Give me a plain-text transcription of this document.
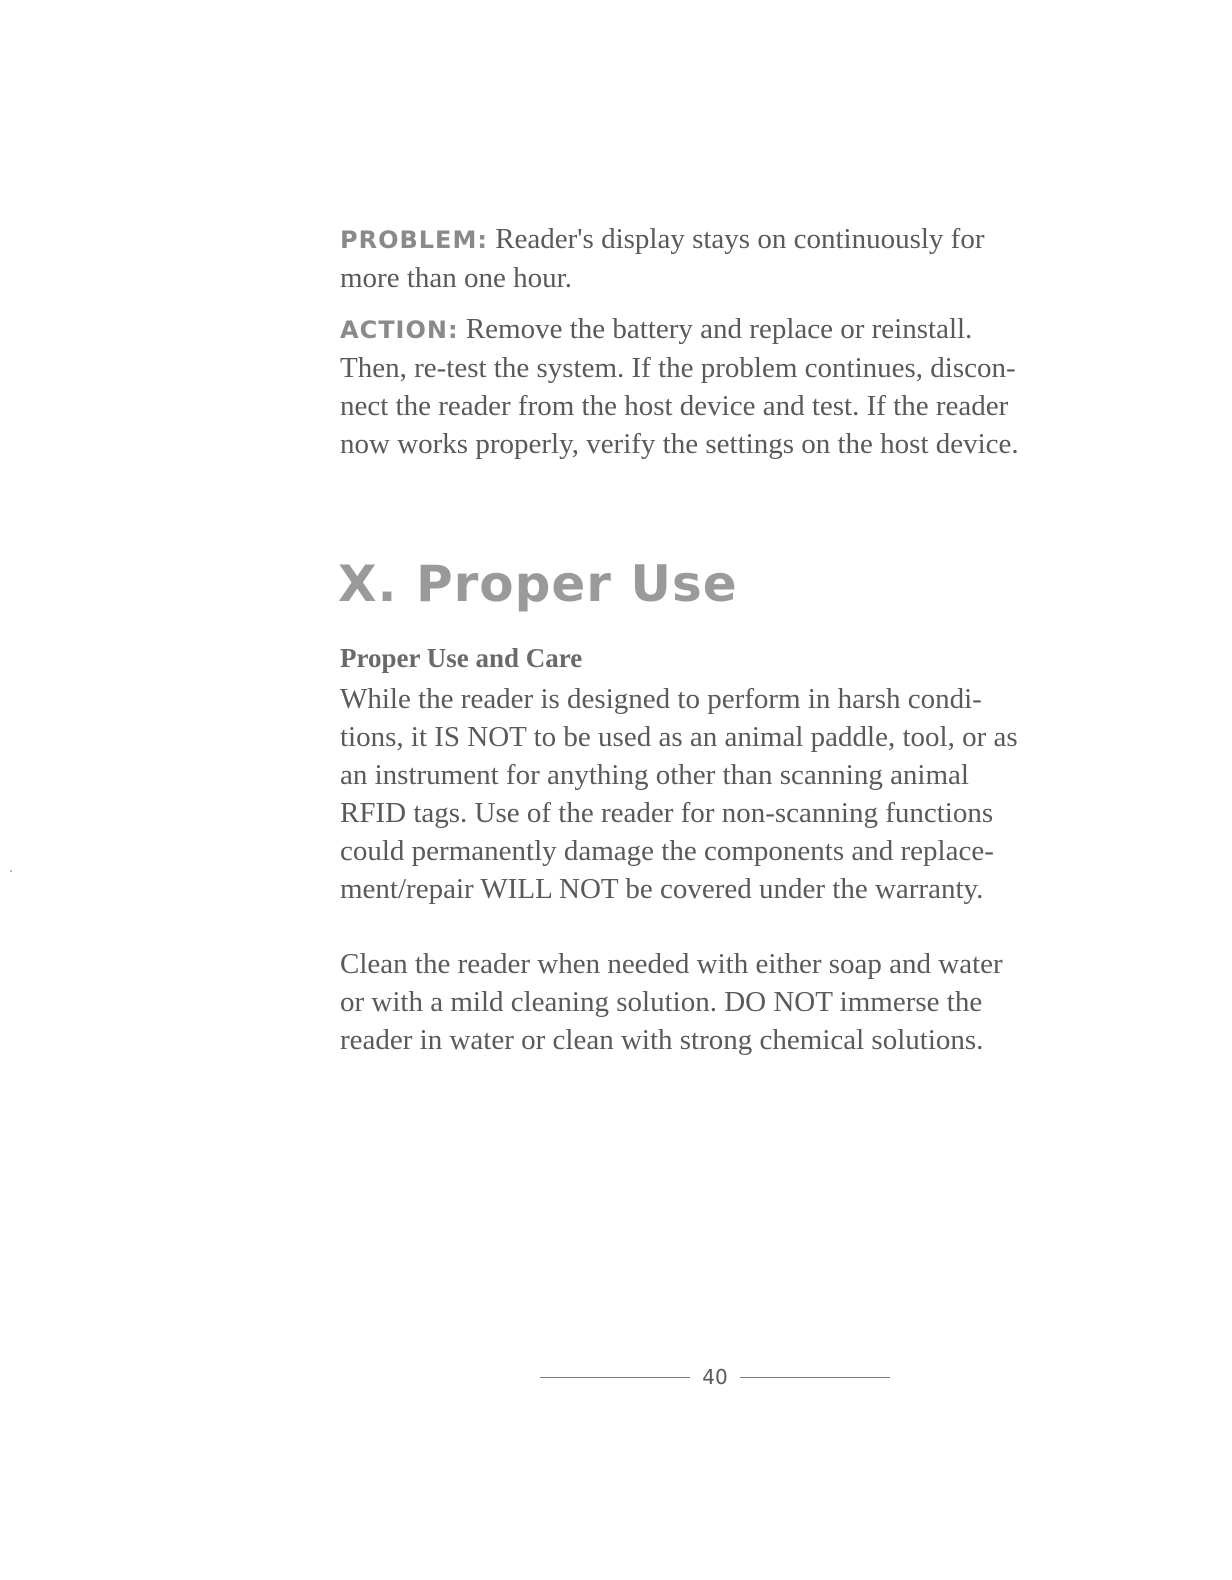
PROBLEM: Reader's display stays on continuously for
more than one hour.
ACTION: Remove the battery and replace or reinstall.
Then, re-test the system. If the problem continues, discon-
nect the reader from the host device and test. If the reader
now works properly, verify the settings on the host device.
X. Proper Use
Proper Use and Care
While the reader is designed to perform in harsh condi-
tions, it IS NOT to be used as an animal paddle, tool, or as
an instrument for anything other than scanning animal
RFID tags. Use of the reader for non-scanning functions
could permanently damage the components and replace-
ment/repair WILL NOT be covered under the warranty.
Clean the reader when needed with either soap and water
or with a mild cleaning solution. DO NOT immerse the
reader in water or clean with strong chemical solutions.
40
